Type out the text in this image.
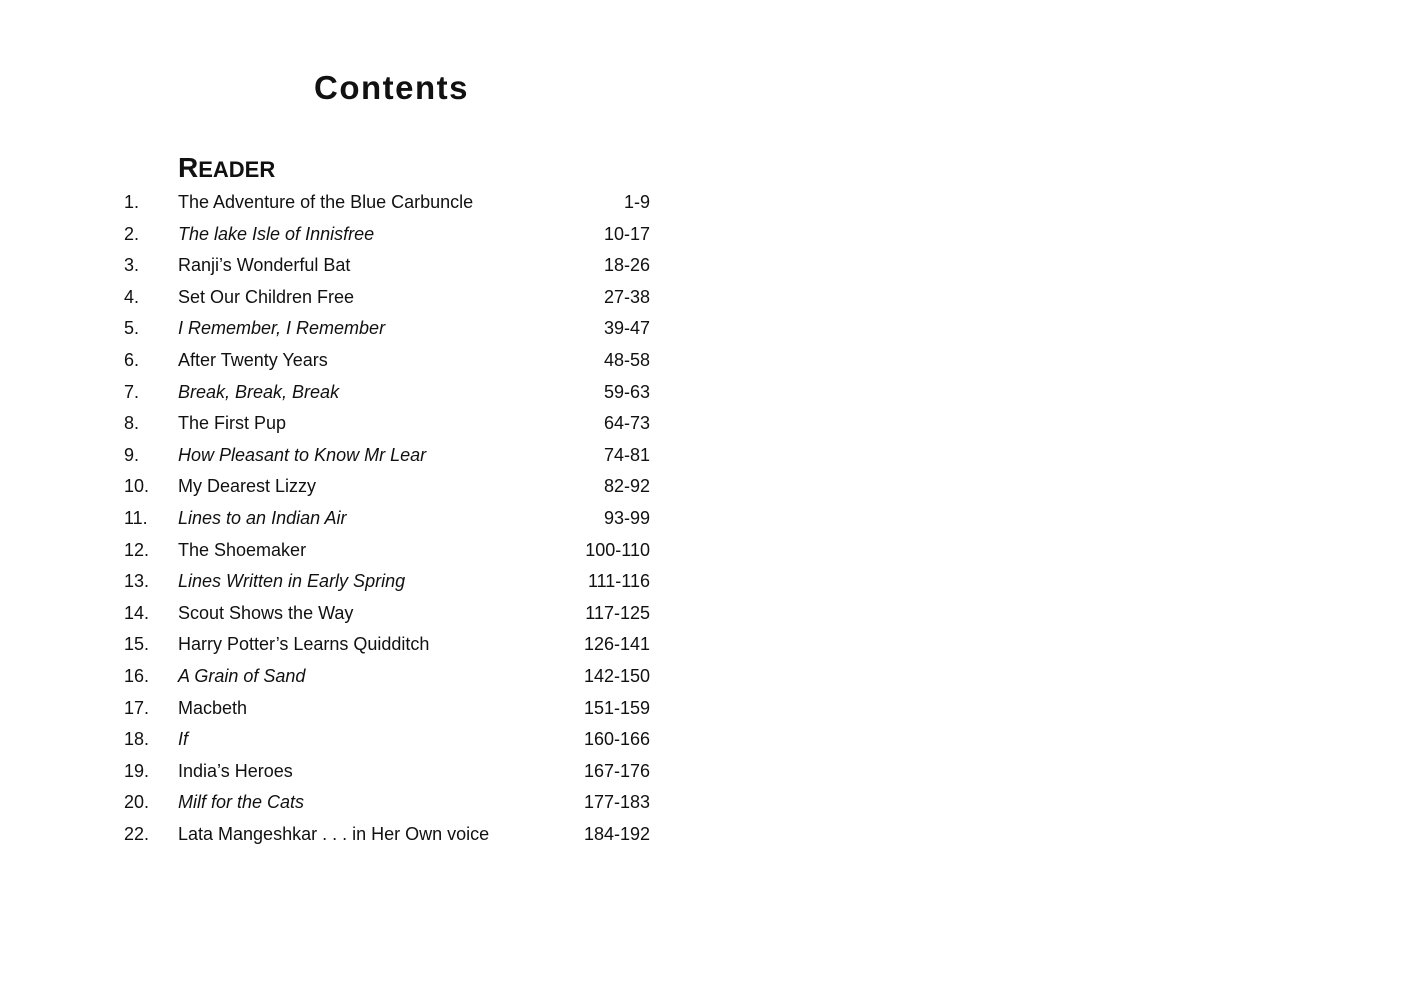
Contents
READER
1. The Adventure of the Blue Carbuncle	1-9
2. The lake Isle of Innisfree	10-17
3. Ranji’s Wonderful Bat	18-26
4. Set Our Children Free	27-38
5. I Remember, I Remember	39-47
6. After Twenty Years	48-58
7. Break, Break, Break	59-63
8. The First Pup	64-73
9. How Pleasant to Know Mr Lear	74-81
10. My Dearest Lizzy	82-92
11. Lines to an Indian Air	93-99
12. The Shoemaker	100-110
13. Lines Written in Early Spring	111-116
14. Scout Shows the Way	117-125
15. Harry Potter’s Learns Quidditch	126-141
16. A Grain of Sand	142-150
17. Macbeth	151-159
18. If	160-166
19. India’s Heroes	167-176
20. Milf for the Cats	177-183
22. Lata Mangeshkar . . . in Her Own voice	184-192
